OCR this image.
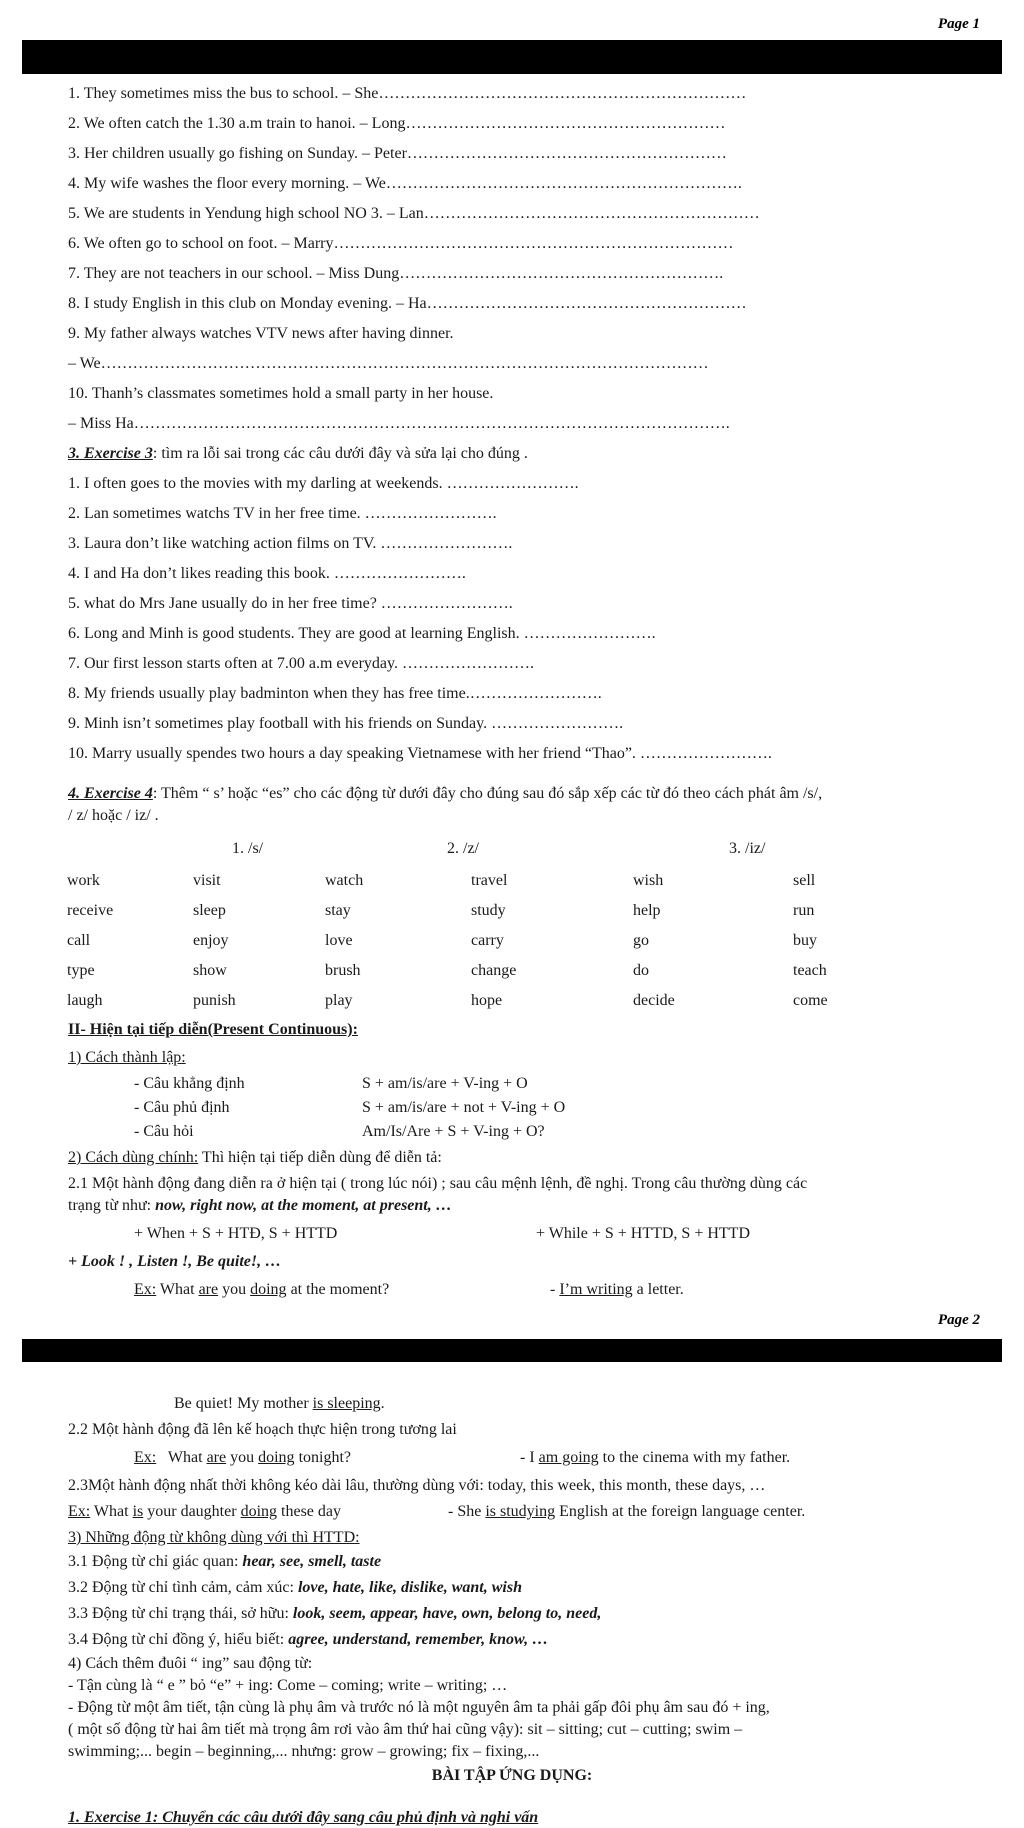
Page 1
1. They sometimes miss the bus to school. – She……………………………………………………………
2. We often catch the 1.30 a.m train to hanoi. – Long……………………………………………………
3. Her children usually go fishing on Sunday. – Peter……………………………………………………
4. My wife washes the floor every morning. – We………………………………………………………….
5. We are students in Yendung high school NO 3. – Lan………………………………………………………
6. We often go to school on foot. – Marry…………………………………………………………………
7. They are not teachers in our school. – Miss Dung…………………………………………………….
8. I study English in this club on Monday evening. – Ha……………………………………………………
9. My father always watches VTV news after having dinner.
– We……………………………………………………………………………………………………
10. Thanh’s classmates sometimes hold a small party in her house.
– Miss Ha………………………………………………………………………………………………….
3. Exercise 3: tìm ra lỗi sai trong các câu dưới đây và sửa lại cho đúng .
1. I often goes to the movies with my darling at weekends. …………………….
2. Lan sometimes watchs TV in her free time. …………………….
3. Laura don’t like watching action films on TV. …………………….
4. I and Ha don’t likes reading this book. …………………….
5. what do Mrs Jane usually do in her free time? …………………….
6. Long and Minh is good students. They are good at learning English. …………………….
7. Our first lesson starts often at 7.00 a.m everyday. …………………….
8. My friends usually play badminton when they has free time.…………………….
9. Minh isn’t sometimes play football with his friends on Sunday. …………………….
10. Marry usually spendes two hours a day speaking Vietnamese with her friend “Thao”. …………………….
4. Exercise 4: Thêm “ s’ hoặc “es” cho các động từ dưới đây cho đúng sau đó sắp xếp các từ đó theo cách phát âm /s/,
/ z/ hoặc / iz/ .
1. /s/	2. /z/	3. /iz/
work	visit	watch	travel	wish	sell
receive	sleep	stay	study	help	run
call	enjoy	love	carry	go	buy
type	show	brush	change	do	teach
laugh	punish	play	hope	decide	come
II- Hiện tại tiếp diễn(Present Continuous):
1) Cách thành lập:
- Câu khẳng định	S + am/is/are + V-ing + O
- Câu phủ định	S + am/is/are + not + V-ing + O
- Câu hỏi	Am/Is/Are + S + V-ing + O?
2) Cách dùng chính: Thì hiện tại tiếp diễn dùng để diễn tả:
2.1 Một hành động đang diễn ra ở hiện tại ( trong lúc nói) ; sau câu mệnh lệnh, đề nghị. Trong câu thường dùng các
trạng từ như: now, right now, at the moment, at present, …
+ When + S + HTĐ, S + HTTD	+ While + S + HTTD, S + HTTD
+ Look ! , Listen !, Be quite!, …
Ex: What are you doing at the moment?	- I’m writing a letter.
Page 2
Be quiet! My mother is sleeping.
2.2 Một hành động đã lên kế hoạch thực hiện trong tương lai
Ex:   What are you doing tonight?	- I am going to the cinema with my father.
2.3Một hành động nhất thời không kéo dài lâu, thường dùng với: today, this week, this month, these days, …
Ex: What is your daughter doing these day	- She is studying English at the foreign language center.
3) Những động từ không dùng với thì HTTD:
3.1 Động từ chỉ giác quan: hear, see, smell, taste
3.2 Động từ chỉ tình cảm, cảm xúc: love, hate, like, dislike, want, wish
3.3 Động từ chỉ trạng thái, sở hữu: look, seem, appear, have, own, belong to, need,
3.4 Động từ chỉ đồng ý, hiểu biết: agree, understand, remember, know, …
4) Cách thêm đuôi “ ing” sau động từ:
- Tận cùng là “ e ” bỏ “e” + ing: Come – coming; write – writing; …
- Động từ một âm tiết, tận cùng là phụ âm và trước nó là một nguyên âm ta phải gấp đôi phụ âm sau đó + ing,
( một số động từ hai âm tiết mà trọng âm rơi vào âm thứ hai cũng vậy): sit – sitting; cut – cutting; swim –
swimming;... begin – beginning,... nhưng: grow – growing; fix – fixing,...
BÀI TẬP ỨNG DỤNG:
1. Exercise 1: Chuyển các câu dưới đây sang câu phủ định và nghi vấn
